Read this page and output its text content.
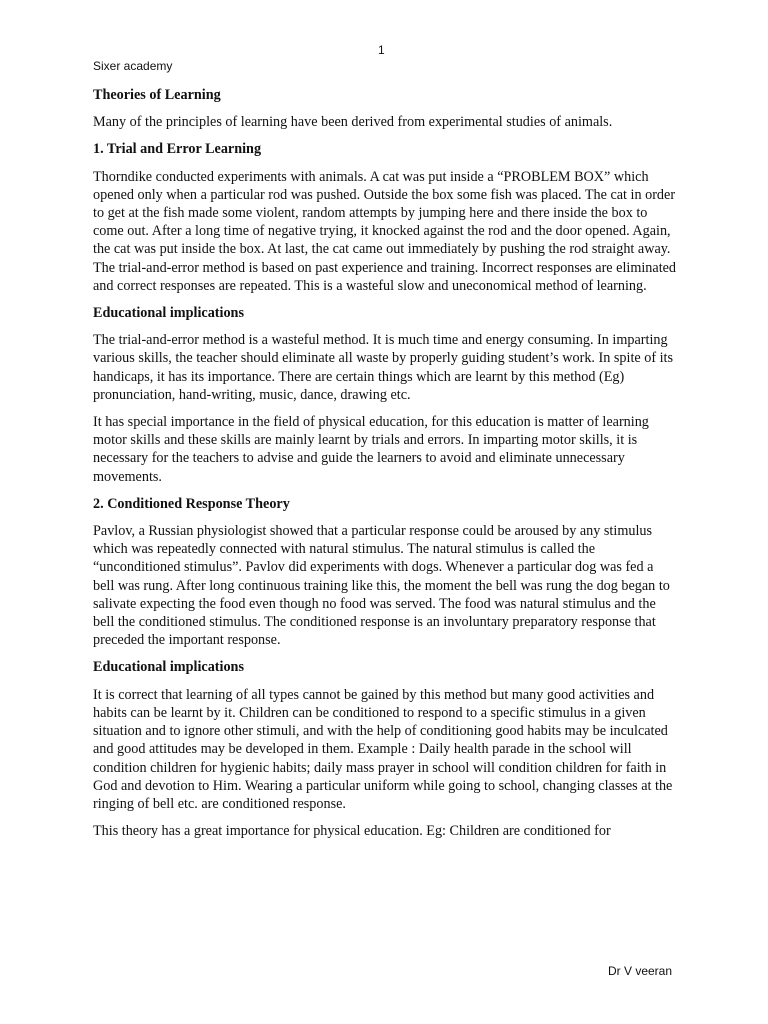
1
Sixer academy
Theories of Learning

Many of the principles of learning have been derived from experimental studies of animals.

1. Trial and Error Learning

Thorndike conducted experiments with animals. A cat was put inside a “PROBLEM BOX” which opened only when a particular rod was pushed. Outside the box some fish was placed. The cat in order to get at the fish made some violent, random attempts by jumping here and there inside the box to come out. After a long time of negative trying, it knocked against the rod and the door opened. Again, the cat was put inside the box. At last, the cat came out immediately by pushing the rod straight away. The trial-and-error method is based on past experience and training. Incorrect responses are eliminated and correct responses are repeated. This is a wasteful slow and uneconomical method of learning.

Educational implications

The trial-and-error method is a wasteful method. It is much time and energy consuming. In imparting various skills, the teacher should eliminate all waste by properly guiding student’s work. In spite of its handicaps, it has its importance. There are certain things which are learnt by this method (Eg) pronunciation, hand-writing, music, dance, drawing etc.

It has special importance in the field of physical education, for this education is matter of learning motor skills and these skills are mainly learnt by trials and errors. In imparting motor skills, it is necessary for the teachers to advise and guide the learners to avoid and eliminate unnecessary movements.

2. Conditioned Response Theory

Pavlov, a Russian physiologist showed that a particular response could be aroused by any stimulus which was repeatedly connected with natural stimulus. The natural stimulus is called the “unconditioned stimulus”. Pavlov did experiments with dogs. Whenever a particular dog was fed a bell was rung. After long continuous training like this, the moment the bell was rung the dog began to salivate expecting the food even though no food was served. The food was natural stimulus and the bell the conditioned stimulus. The conditioned response is an involuntary preparatory response that preceded the important response.

Educational implications

It is correct that learning of all types cannot be gained by this method but many good activities and habits can be learnt by it. Children can be conditioned to respond to a specific stimulus in a given situation and to ignore other stimuli, and with the help of conditioning good habits may be inculcated and good attitudes may be developed in them. Example : Daily health parade in the school will condition children for hygienic habits; daily mass prayer in school will condition children for faith in God and devotion to Him. Wearing a particular uniform while going to school, changing classes at the ringing of bell etc. are conditioned response.

This theory has a great importance for physical education. Eg: Children are conditioned for

Dr V veeran
